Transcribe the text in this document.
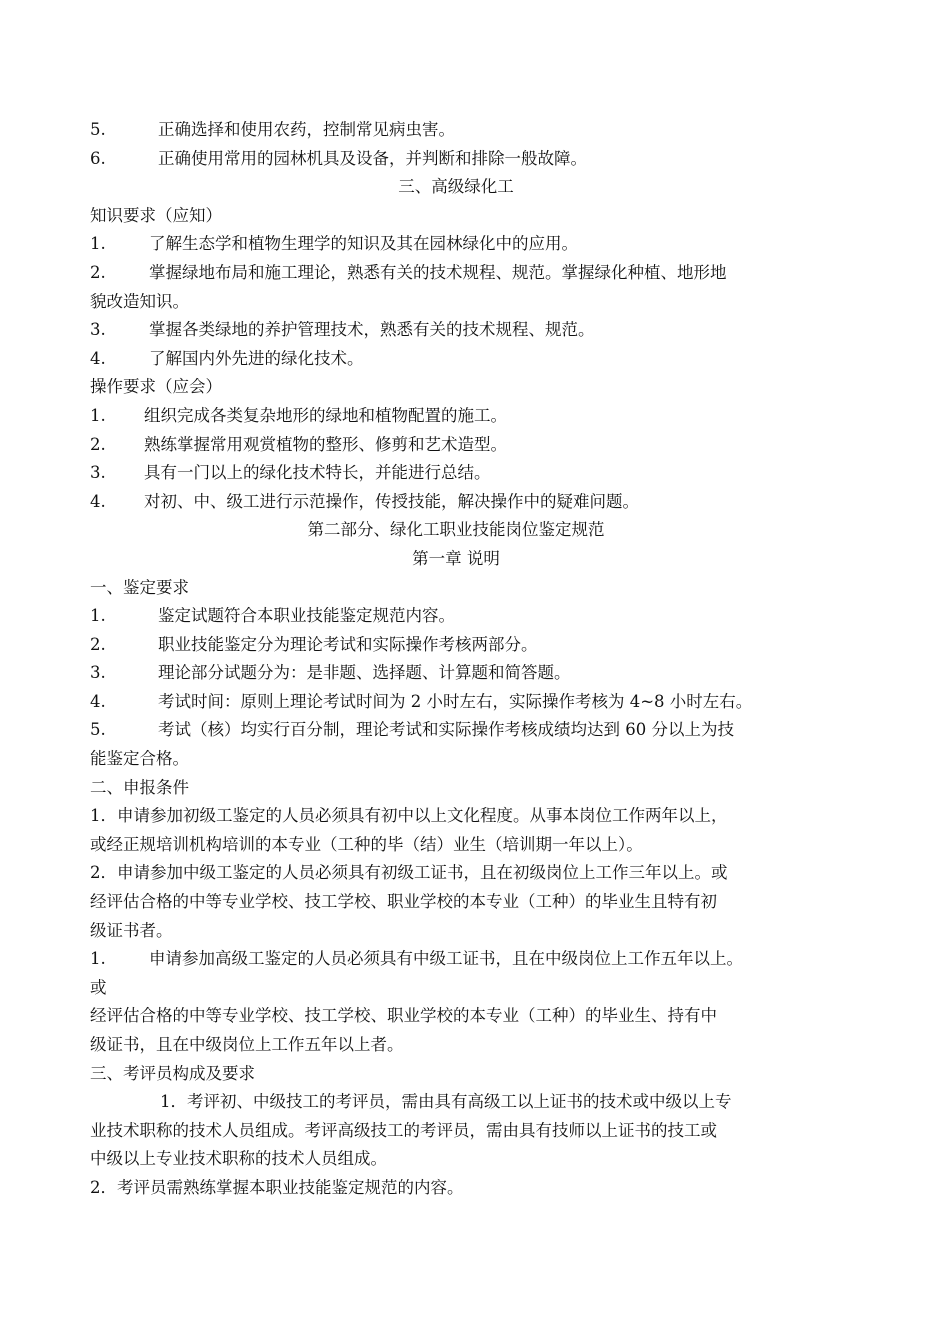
5.	正确选择和使用农药，控制常见病虫害。
6.	正确使用常用的园林机具及设备，并判断和排除一般故障。
三、高级绿化工
知识要求（应知）
1.	了解生态学和植物生理学的知识及其在园林绿化中的应用。
2.	掌握绿地布局和施工理论，熟悉有关的技术规程、规范。掌握绿化种植、地形地
貌改造知识。
3.	掌握各类绿地的养护管理技术，熟悉有关的技术规程、规范。
4.	了解国内外先进的绿化技术。
操作要求（应会）
1. 组织完成各类复杂地形的绿地和植物配置的施工。
2. 熟练掌握常用观赏植物的整形、修剪和艺术造型。
3. 具有一门以上的绿化技术特长，并能进行总结。
4. 对初、中、级工进行示范操作，传授技能，解决操作中的疑难问题。
第二部分、绿化工职业技能岗位鉴定规范
第一章 说明
一、鉴定要求
1.	鉴定试题符合本职业技能鉴定规范内容。
2.	职业技能鉴定分为理论考试和实际操作考核两部分。
3.	理论部分试题分为：是非题、选择题、计算题和简答题。
4.	考试时间：原则上理论考试时间为 2 小时左右，实际操作考核为 4~8 小时左右。
5.	考试（核）均实行百分制，理论考试和实际操作考核成绩均达到 60 分以上为技
能鉴定合格。
二、申报条件
1．申请参加初级工鉴定的人员必须具有初中以上文化程度。从事本岗位工作两年以上，
或经正规培训机构培训的本专业（工种的毕（结）业生（培训期一年以上）。
2．申请参加中级工鉴定的人员必须具有初级工证书，且在初级岗位上工作三年以上。或
经评估合格的中等专业学校、技工学校、职业学校的本专业（工种）的毕业生且特有初
级证书者。
1.	申请参加高级工鉴定的人员必须具有中级工证书，且在中级岗位上工作五年以上。
或
经评估合格的中等专业学校、技工学校、职业学校的本专业（工种）的毕业生、持有中
级证书，且在中级岗位上工作五年以上者。
三、考评员构成及要求
1．考评初、中级技工的考评员，需由具有高级工以上证书的技术或中级以上专
业技术职称的技术人员组成。考评高级技工的考评员，需由具有技师以上证书的技工或
中级以上专业技术职称的技术人员组成。
2．考评员需熟练掌握本职业技能鉴定规范的内容。
